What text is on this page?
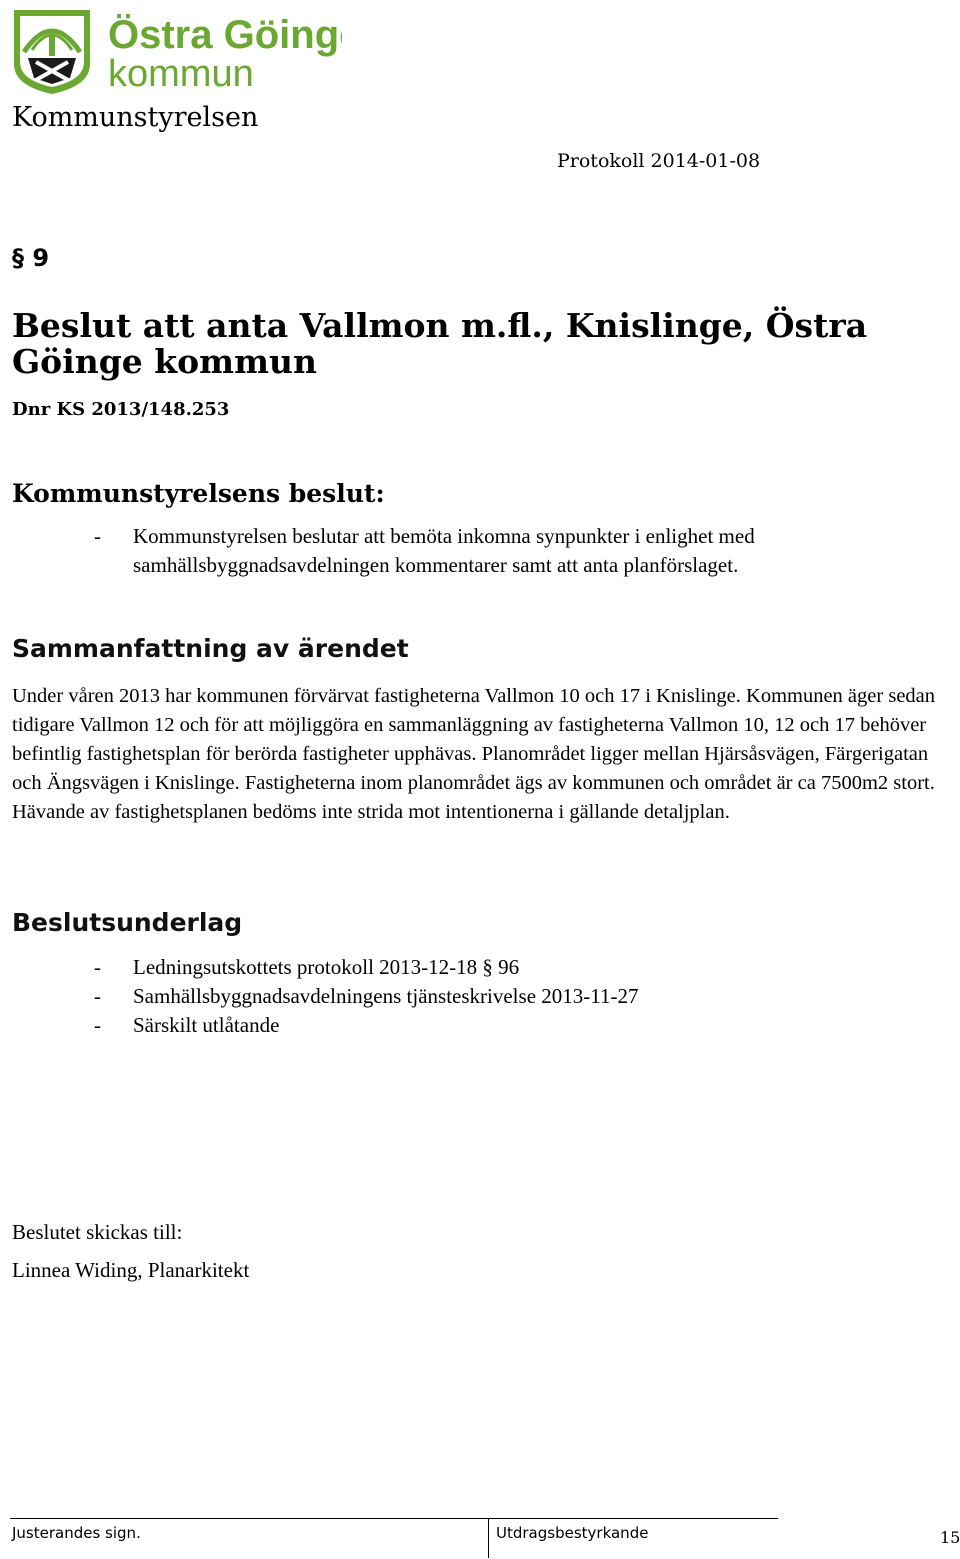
Östra Göinge
kommun
Kommunstyrelsen
Protokoll 2014-01-08
§ 9
Beslut att anta Vallmon m.fl., Knislinge, Östra Göinge kommun
Dnr KS 2013/148.253
Kommunstyrelsens beslut:
- Kommunstyrelsen beslutar att bemöta inkomna synpunkter i enlighet med
samhällsbyggnadsavdelningen kommentarer samt att anta planförslaget.
Sammanfattning av ärendet

Under våren 2013 har kommunen förvärvat fastigheterna Vallmon 10 och 17 i Knislinge. Kommunen äger sedan tidigare Vallmon 12 och för att möjliggöra en sammanläggning av fastigheterna Vallmon 10, 12 och 17 behöver befintlig fastighetsplan för berörda fastigheter upphävas. Planområdet ligger mellan Hjärsåsvägen, Färgerigatan och Ängsvägen i Knislinge. Fastigheterna inom planområdet ägs av kommunen och området är ca 7500m2 stort. Hävande av fastighetsplanen bedöms inte strida mot intentionerna i gällande detaljplan.

Beslutsunderlag
- Ledningsutskottets protokoll 2013-12-18 § 96
- Samhällsbyggnadsavdelningens tjänsteskrivelse 2013-11-27
- Särskilt utlåtande
Beslutet skickas till:
Linnea Widing, Planarkitekt
Justerandes sign.	Utdragsbestyrkande	15
